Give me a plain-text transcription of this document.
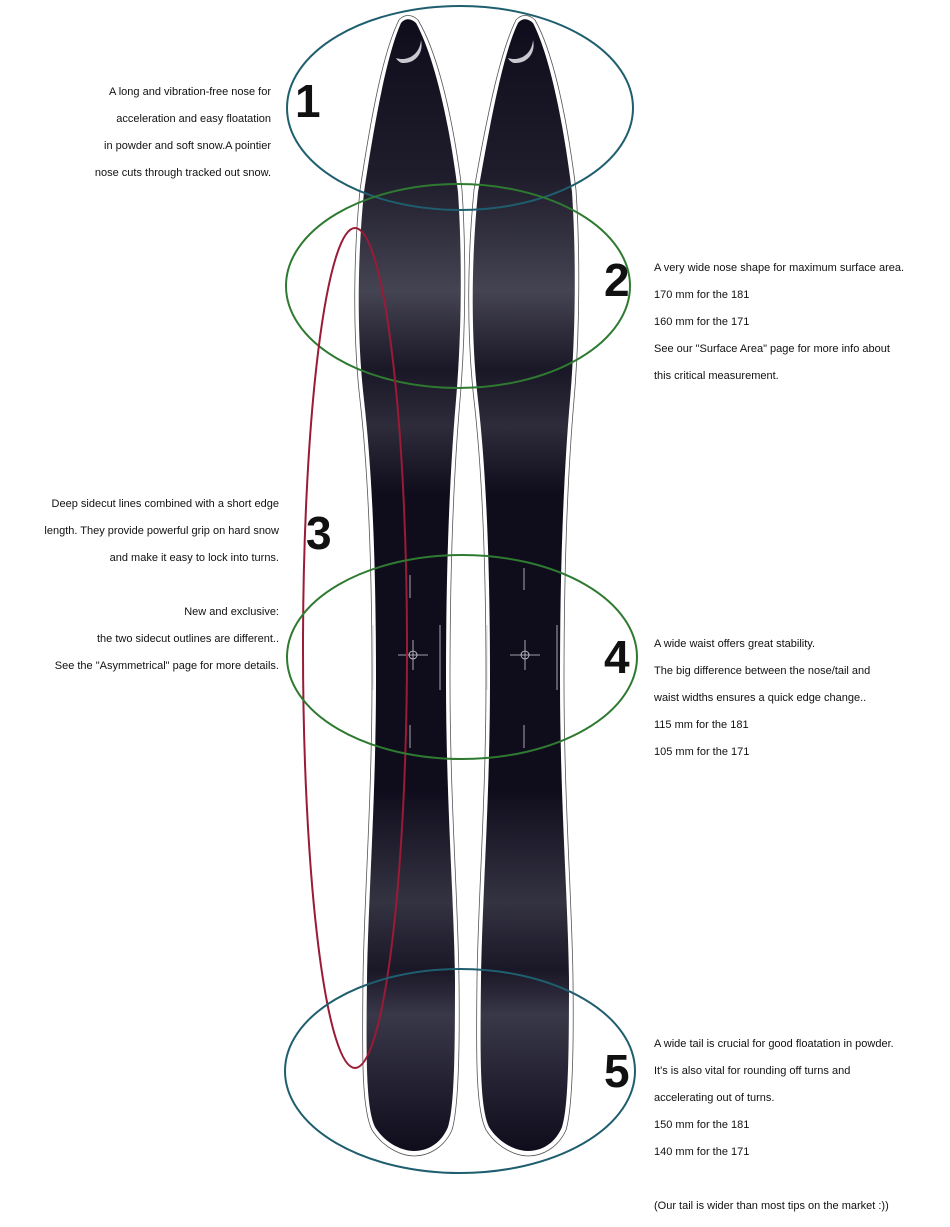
A long and vibration-free nose for

acceleration and easy floatation

in powder and soft snow.A pointier

nose cuts through tracked out snow.

1
2 A very wide nose shape for maximum surface area.

170 mm for the 181

160 mm for the 171

See our "Surface Area" page for more info about

this critical measurement.

Deep sidecut lines combined with a short edge

length. They provide powerful grip on hard snow

and make it easy to lock into turns.

New and exclusive:

the two sidecut outlines are different..

See the "Asymmetrical" page for more details.

3
4 A wide waist offers great stability.

The big difference between the nose/tail and

waist widths ensures a quick edge change..

115 mm for the 181

105 mm for the 171

5

A wide tail is crucial for good floatation in powder.

It's is also vital for rounding off turns and

accelerating out of turns.

150 mm for the 181

140 mm for the 171

(Our tail is wider than most tips on the market :))
